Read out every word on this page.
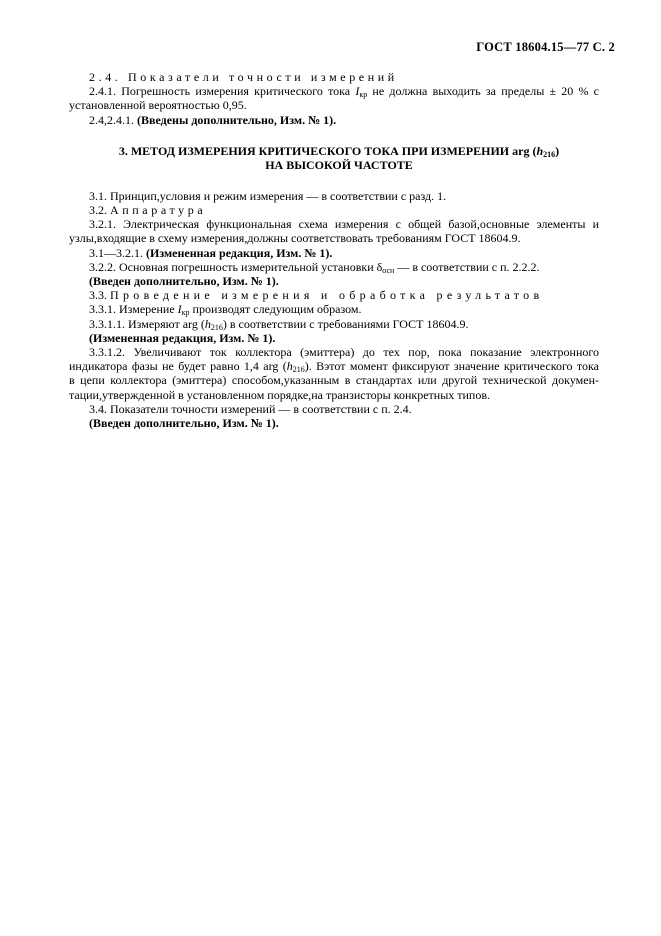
ГОСТ 18604.15—77 С. 2

2.4. Показатели точности измерений

2.4.1. Погрешность измерения критического тока $I_{кр}$ не должна выходить за пределы ± 20 % с

установленной вероятностью 0,95.

2.4,2.4.1. (Введены дополнительно, Изм. № 1).

3. МЕТОД ИЗМЕРЕНИЯ КРИТИЧЕСКОГО ТОКА ПРИ ИЗМЕРЕНИИ arg $(h_{216})$
НА ВЫСОКОЙ ЧАСТОТЕ

3.1. Принцип,условия и режим измерения — в соответствии с разд. 1.

3.2. Аппаратура

3.2.1. Электрическая функциональная схема измерения с общей базой,основные элементы и

узлы,входящие в схему измерения,должны соответствовать требованиям ГОСТ 18604.9.

3.1—3.2.1. (Измененная редакция, Изм. № 1).

3.2.2. Основная погрешность измерительной установки $\delta_{осн}$ — в соответствии с п. 2.2.2.

(Введен дополнительно, Изм. № 1).

3.3. Проведение измерения и обработка результатов

3.3.1. Измерение $I_{кр}$ производят следующим образом.

3.3.1.1. Измеряют arg $(h_{216})$ в соответствии с требованиями ГОСТ 18604.9.

(Измененная редакция, Изм. № 1).

3.3.1.2. Увеличивают ток коллектора (эмиттера) до тех пор, пока показание электронного

индикатора фазы не будет равно 1,4 arg $(h_{216})$. Вэтот момент фиксируют значение критического тока

в цепи коллектора (эмиттера) способом,указанным в стандартах или другой технической докумен-

тации,утвержденной в установленном порядке,на транзисторы конкретных типов.

3.4. Показатели точности измерений — в соответствии с п. 2.4.

(Введен дополнительно, Изм. № 1).
